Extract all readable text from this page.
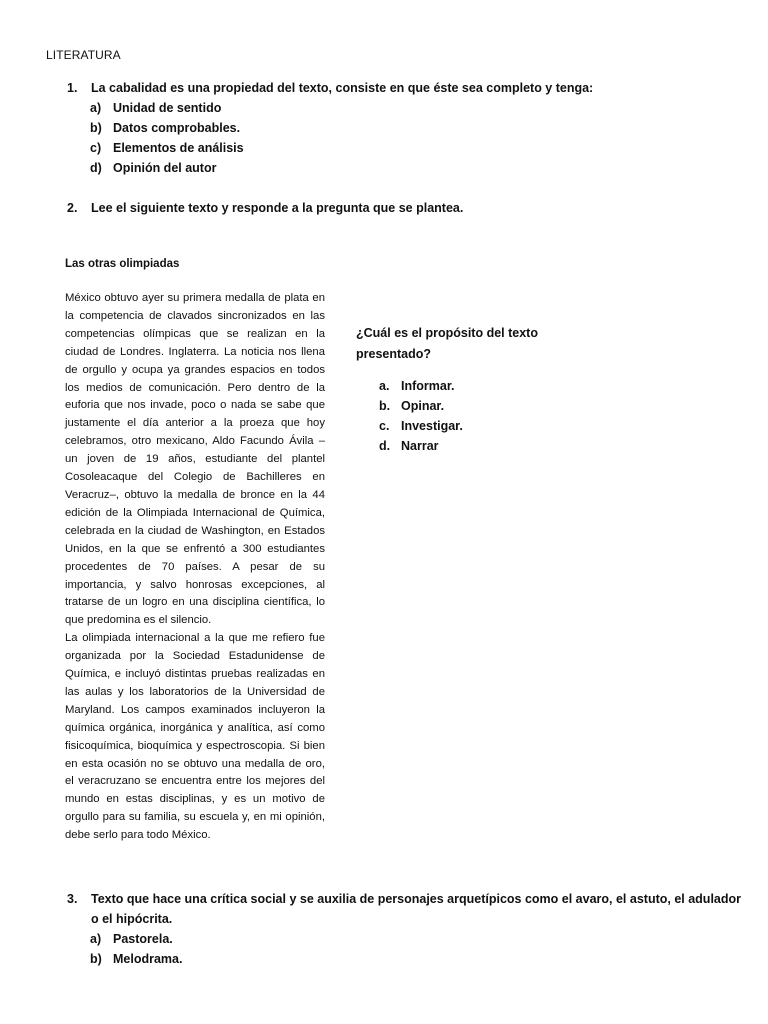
LITERATURA
1.	La cabalidad es una propiedad del texto, consiste en que éste sea completo y tenga:
a) Unidad de sentido
b) Datos comprobables.
c) Elementos de análisis
d) Opinión del autor
2.	Lee el siguiente texto y responde a la pregunta que se plantea.
Las otras olimpiadas

México obtuvo ayer su primera medalla de plata en la competencia de clavados sincronizados en las competencias olímpicas que se realizan en la ciudad de Londres. Inglaterra. La noticia nos llena de orgullo y ocupa ya grandes espacios en todos los medios de comunicación. Pero dentro de la euforia que nos invade, poco o nada se sabe que justamente el día anterior a la proeza que hoy celebramos, otro mexicano, Aldo Facundo Ávila – un joven de 19 años, estudiante del plantel Cosoleacaque del Colegio de Bachilleres en Veracruz–, obtuvo la medalla de bronce en la 44 edición de la Olimpiada Internacional de Química, celebrada en la ciudad de Washington, en Estados Unidos, en la que se enfrentó a 300 estudiantes procedentes de 70 países. A pesar de su importancia, y salvo honrosas excepciones, al tratarse de un logro en una disciplina científica, lo que predomina es el silencio.

La olimpiada internacional a la que me refiero fue organizada por la Sociedad Estadunidense de Química, e incluyó distintas pruebas realizadas en las aulas y los laboratorios de la Universidad de Maryland. Los campos examinados incluyeron la química orgánica, inorgánica y analítica, así como fisicoquímica, bioquímica y espectroscopia. Si bien en esta ocasión no se obtuvo una medalla de oro, el veracruzano se encuentra entre los mejores del mundo en estas disciplinas, y es un motivo de orgullo para su familia, su escuela y, en mi opinión, debe serlo para todo México.

¿Cuál es el propósito del texto presentado?
a. Informar.
b. Opinar.
c. Investigar.
d. Narrar
3. Texto que hace una crítica social y se auxilia de personajes arquetípicos como el avaro, el astuto, el adulador o el hipócrita.
a) Pastorela.
b) Melodrama.
